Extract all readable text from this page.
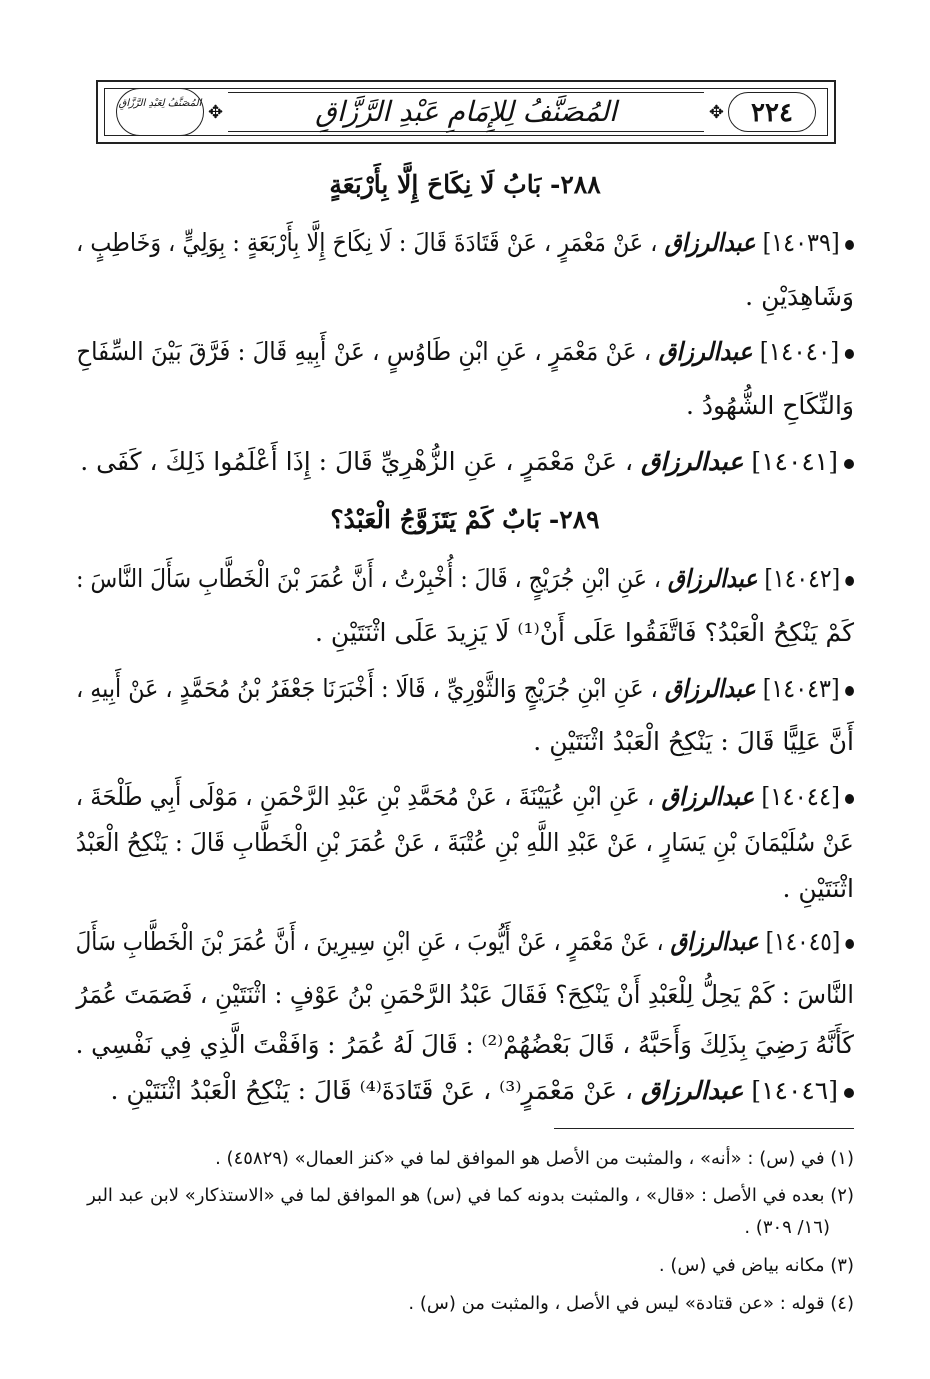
✥
✥	٢٢٤
المُصَنَّفُ لِلإِمَامِ عَبْدِ الرَّزَّاقِ
المُصَنَّفُ لِعَبْدِ الرَّزَّاقِ
٢٨٨- بَابُ لَا نِكَاحَ إِلَّا بِأَرْبَعَةٍ
[١٤٠٣٩] عبدالرزاق ، عَنْ مَعْمَرٍ ، عَنْ قَتَادَةَ قَالَ : لَا نِكَاحَ إِلَّا بِأَرْبَعَةٍ : بِوَلِيٍّ ، وَخَاطِبٍ ،
وَشَاهِدَيْنِ .
[١٤٠٤٠] عبدالرزاق ، عَنْ مَعْمَرٍ ، عَنِ ابْنِ طَاوُسٍ ، عَنْ أَبِيهِ قَالَ : فَرَّقَ بَيْنَ السِّفَاحِ
وَالنِّكَاحِ الشُّهُودُ .
[١٤٠٤١] عبدالرزاق ، عَنْ مَعْمَرٍ ، عَنِ الزُّهْرِيِّ قَالَ : إِذَا أَعْلَمُوا ذَلِكَ ، كَفَى .
٢٨٩- بَابٌ كَمْ يَتَزَوَّجُ الْعَبْدُ؟
[١٤٠٤٢] عبدالرزاق ، عَنِ ابْنِ جُرَيْجٍ ، قَالَ : أُخْبِرْتُ ، أَنَّ عُمَرَ بْنَ الْخَطَّابِ سَأَلَ النَّاسَ :
كَمْ يَنْكِحُ الْعَبْدُ؟ فَاتَّفَقُوا عَلَى أَنْ⁽¹⁾ لَا يَزِيدَ عَلَى اثْنَتَيْنِ .
[١٤٠٤٣] عبدالرزاق ، عَنِ ابْنِ جُرَيْجٍ وَالثَّوْرِيِّ ، قَالَا : أَخْبَرَنَا جَعْفَرُ بْنُ مُحَمَّدٍ ، عَنْ أَبِيهِ ،
أَنَّ عَلِيًّا قَالَ : يَنْكِحُ الْعَبْدُ اثْنَتَيْنِ .
[١٤٠٤٤] عبدالرزاق ، عَنِ ابْنِ عُيَيْنَةَ ، عَنْ مُحَمَّدِ بْنِ عَبْدِ الرَّحْمَنِ ، مَوْلَى أَبِي طَلْحَةَ ،
عَنْ سُلَيْمَانَ بْنِ يَسَارٍ ، عَنْ عَبْدِ اللَّهِ بْنِ عُتْبَةَ ، عَنْ عُمَرَ بْنِ الْخَطَّابِ قَالَ : يَنْكِحُ الْعَبْدُ
اثْنَتَيْنِ .
[١٤٠٤٥] عبدالرزاق ، عَنْ مَعْمَرٍ ، عَنْ أَيُّوبَ ، عَنِ ابْنِ سِيرِينَ ، أَنَّ عُمَرَ بْنَ الْخَطَّابِ سَأَلَ
النَّاسَ : كَمْ يَحِلُّ لِلْعَبْدِ أَنْ يَنْكِحَ؟ فَقَالَ عَبْدُ الرَّحْمَنِ بْنُ عَوْفٍ : اثْنَتَيْنِ ، فَصَمَتَ عُمَرُ
كَأَنَّهُ رَضِيَ بِذَلِكَ وَأَحَبَّهُ ، قَالَ بَعْضُهُمْ⁽²⁾ : قَالَ لَهُ عُمَرُ : وَافَقْتَ الَّذِي فِي نَفْسِي .
[١٤٠٤٦] عبدالرزاق ، عَنْ مَعْمَرٍ⁽³⁾ ، عَنْ قَتَادَةَ⁽⁴⁾ قَالَ : يَنْكِحُ الْعَبْدُ اثْنَتَيْنِ .
(١) في (س) : «أنه» ، والمثبت من الأصل هو الموافق لما في «كنز العمال» (٤٥٨٢٩) .
(٢) بعده في الأصل : «قال» ، والمثبت بدونه كما في (س) هو الموافق لما في «الاستذكار» لابن عبد البر
(١٦/ ٣٠٩) .
(٣) مكانه بياض في (س) .
(٤) قوله : «عن قتادة» ليس في الأصل ، والمثبت من (س) .
